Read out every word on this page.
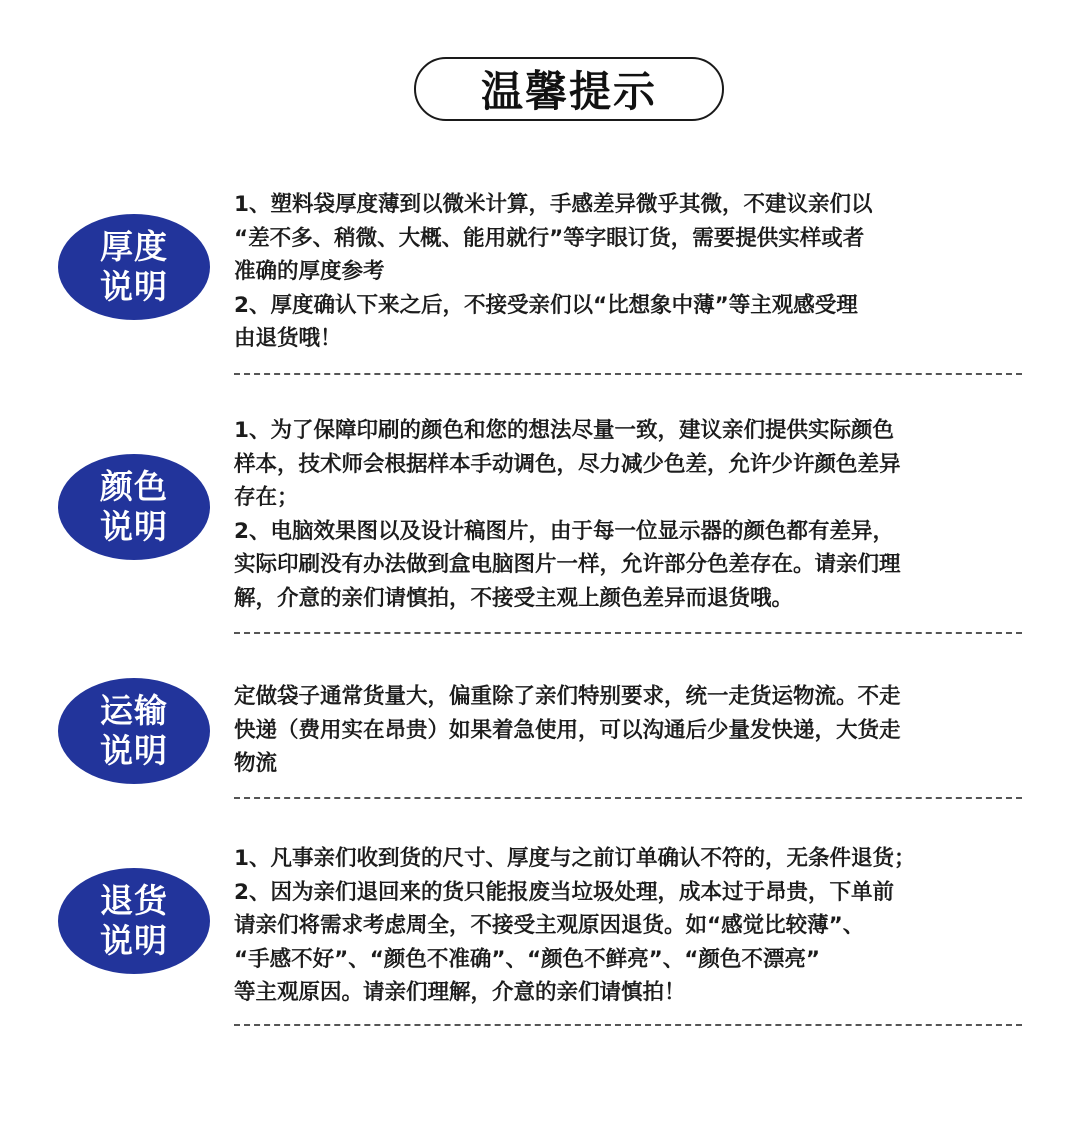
温馨提示
厚度
说明
1、塑料袋厚度薄到以微米计算，手感差异微乎其微，不建议亲们以
“差不多、稍微、大概、能用就行”等字眼订货，需要提供实样或者
准确的厚度参考
2、厚度确认下来之后，不接受亲们以“比想象中薄”等主观感受理
由退货哦！
颜色
说明
1、为了保障印刷的颜色和您的想法尽量一致，建议亲们提供实际颜色
样本，技术师会根据样本手动调色，尽力减少色差，允许少许颜色差异
存在；
2、电脑效果图以及设计稿图片，由于每一位显示器的颜色都有差异，
实际印刷没有办法做到盒电脑图片一样，允许部分色差存在。请亲们理
解，介意的亲们请慎拍，不接受主观上颜色差异而退货哦。
运输
说明
定做袋子通常货量大，偏重除了亲们特别要求，统一走货运物流。不走
快递（费用实在昂贵）如果着急使用，可以沟通后少量发快递，大货走
物流
退货
说明
1、凡事亲们收到货的尺寸、厚度与之前订单确认不符的，无条件退货；
2、因为亲们退回来的货只能报废当垃圾处理，成本过于昂贵，下单前
请亲们将需求考虑周全，不接受主观原因退货。如“感觉比较薄”、
“手感不好”、“颜色不准确”、“颜色不鲜亮”、“颜色不漂亮”
等主观原因。请亲们理解，介意的亲们请慎拍！
